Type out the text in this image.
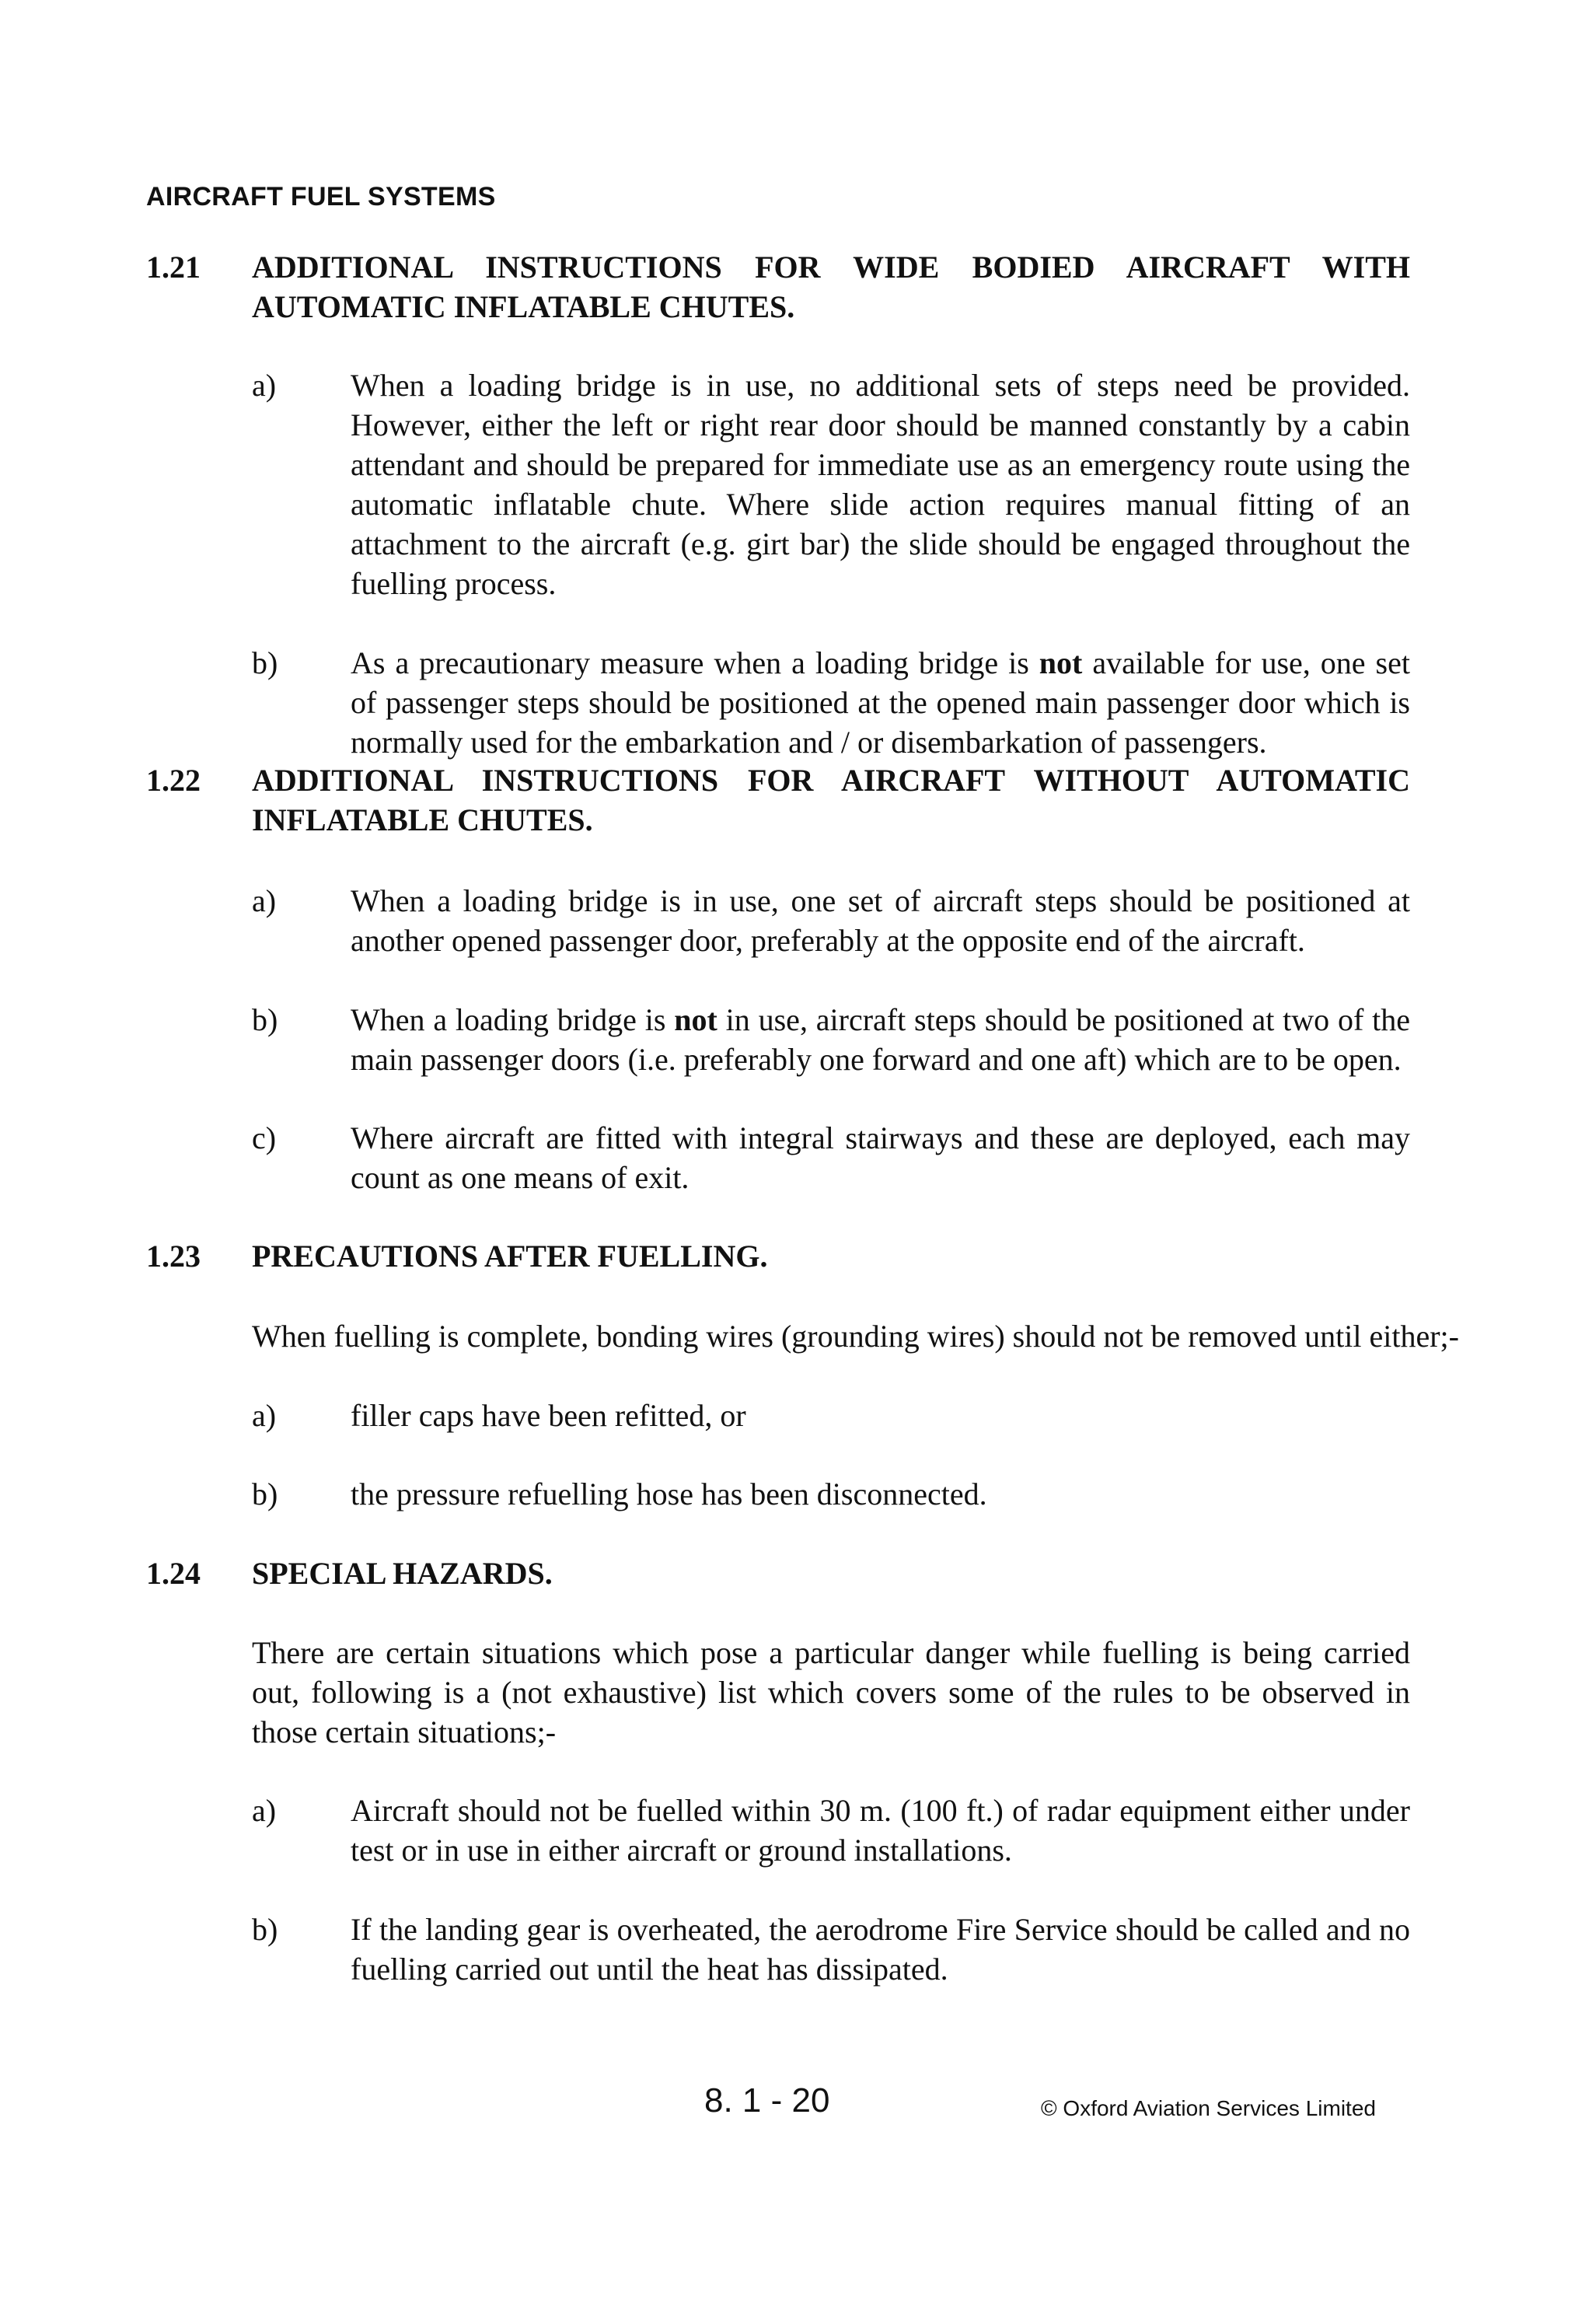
AIRCRAFT FUEL SYSTEMS
1.21 ADDITIONAL INSTRUCTIONS FOR WIDE BODIED AIRCRAFT WITH
AUTOMATIC INFLATABLE CHUTES.
a) When a loading bridge is in use, no additional sets of steps need be provided. However, either the left or right rear door should be manned constantly by a cabin attendant and should be prepared for immediate use as an emergency route using the automatic inflatable chute. Where slide action requires manual fitting of an attachment to the aircraft (e.g. girt bar) the slide should be engaged throughout the fuelling process.
b) As a precautionary measure when a loading bridge is not available for use, one set of passenger steps should be positioned at the opened main passenger door which is normally used for the embarkation and / or disembarkation of passengers.
1.22 ADDITIONAL INSTRUCTIONS FOR AIRCRAFT WITHOUT AUTOMATIC
INFLATABLE CHUTES.
a) When a loading bridge is in use, one set of aircraft steps should be positioned at another opened passenger door, preferably at the opposite end of the aircraft.
b) When a loading bridge is not in use, aircraft steps should be positioned at two of the main passenger doors (i.e. preferably one forward and one aft) which are to be open.
c) Where aircraft are fitted with integral stairways and these are deployed, each may count as one means of exit.
1.23 PRECAUTIONS AFTER FUELLING.
When fuelling is complete, bonding wires (grounding wires) should not be removed until either;-
a) filler caps have been refitted, or
b) the pressure refuelling hose has been disconnected.
1.24 SPECIAL HAZARDS.
There are certain situations which pose a particular danger while fuelling is being carried out, following is a (not exhaustive) list which covers some of the rules to be observed in those certain situations;-
a) Aircraft should not be fuelled within 30 m. (100 ft.) of radar equipment either under test or in use in either aircraft or ground installations.
b) If the landing gear is overheated, the aerodrome Fire Service should be called and no fuelling carried out until the heat has dissipated.
8. 1 - 20	© Oxford Aviation Services Limited
